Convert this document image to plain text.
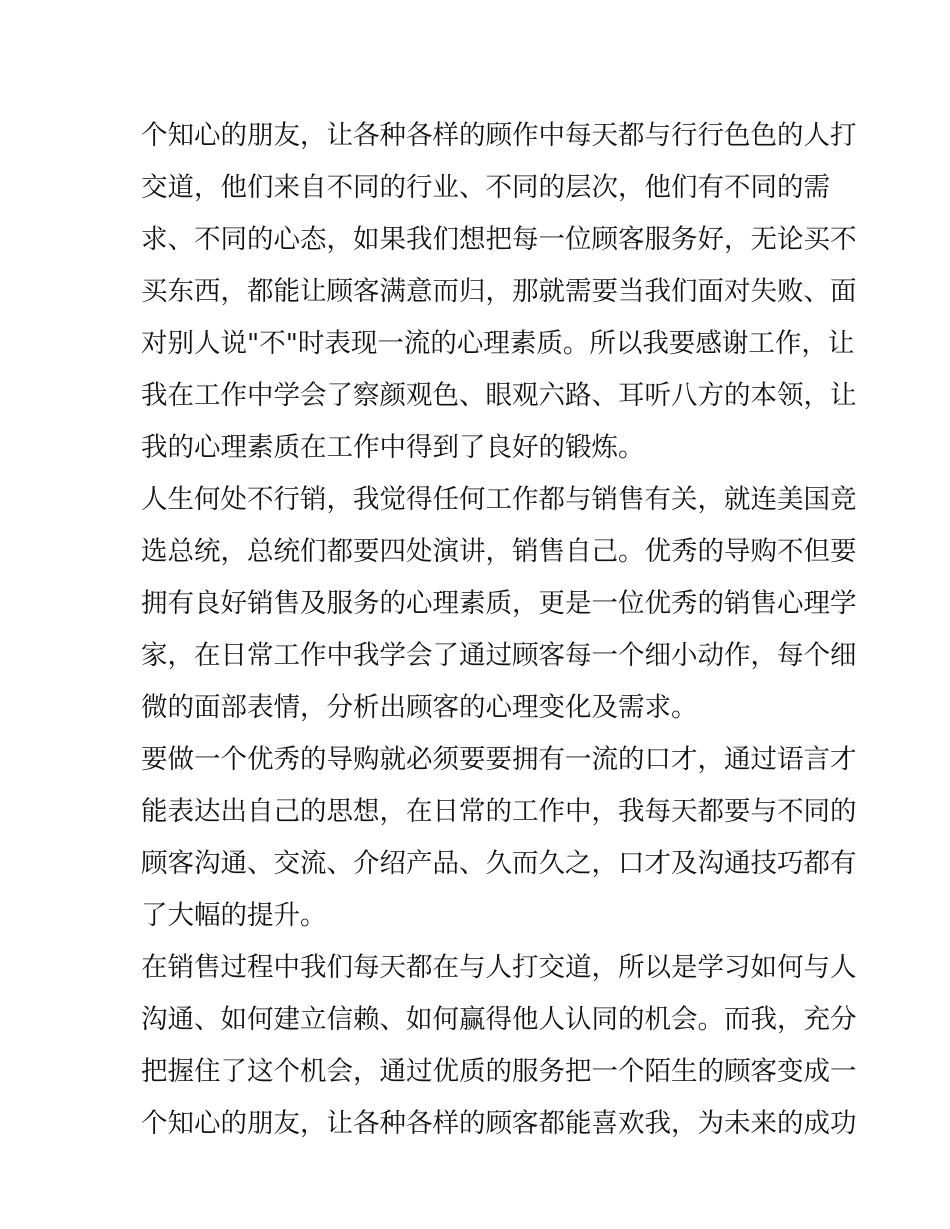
个知心的朋友，让各种各样的顾作中每天都与行行色色的人打
交道，他们来自不同的行业、不同的层次，他们有不同的需
求、不同的心态，如果我们想把每一位顾客服务好，无论买不
买东西，都能让顾客满意而归，那就需要当我们面对失败、面
对别人说"不"时表现一流的心理素质。所以我要感谢工作，让
我在工作中学会了察颜观色、眼观六路、耳听八方的本领，让
我的心理素质在工作中得到了良好的锻炼。
人生何处不行销，我觉得任何工作都与销售有关，就连美国竞
选总统，总统们都要四处演讲，销售自己。优秀的导购不但要
拥有良好销售及服务的心理素质，更是一位优秀的销售心理学
家，在日常工作中我学会了通过顾客每一个细小动作，每个细
微的面部表情，分析出顾客的心理变化及需求。
要做一个优秀的导购就必须要要拥有一流的口才，通过语言才
能表达出自己的思想，在日常的工作中，我每天都要与不同的
顾客沟通、交流、介绍产品、久而久之，口才及沟通技巧都有
了大幅的提升。
在销售过程中我们每天都在与人打交道，所以是学习如何与人
沟通、如何建立信赖、如何赢得他人认同的机会。而我，充分
把握住了这个机会，通过优质的服务把一个陌生的顾客变成一
个知心的朋友，让各种各样的顾客都能喜欢我，为未来的成功
